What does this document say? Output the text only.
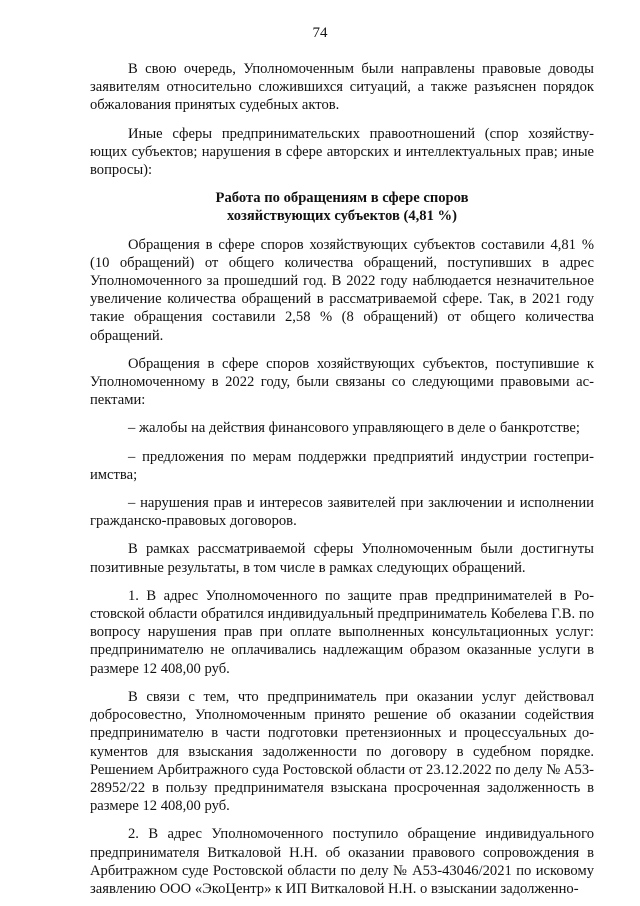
74

В свою очередь, Уполномоченным были направлены правовые доводы заявителям относительно сложившихся ситуаций, а также разъяснен порядок обжалования принятых судебных актов.

Иные сферы предпринимательских правоотношений (спор хозяйствующих субъектов; нарушения в сфере авторских и интеллектуальных прав; иные вопросы):

Работа по обращениям в сфере споров
хозяйствующих субъектов (4,81 %)

Обращения в сфере споров хозяйствующих субъектов составили 4,81 % (10 обращений) от общего количества обращений, поступивших в адрес Уполномоченного за прошедший год. В 2022 году наблюдается незначительное увеличение количества обращений в рассматриваемой сфере. Так, в 2021 году такие обращения составили 2,58 % (8 обращений) от общего количества обращений.

Обращения в сфере споров хозяйствующих субъектов, поступившие к Уполномоченному в 2022 году, были связаны со следующими правовыми аспектами:

– жалобы на действия финансового управляющего в деле о банкротстве;

– предложения по мерам поддержки предприятий индустрии гостеприимства;

– нарушения прав и интересов заявителей при заключении и исполнении гражданско-правовых договоров.

В рамках рассматриваемой сферы Уполномоченным были достигнуты позитивные результаты, в том числе в рамках следующих обращений.

1. В адрес Уполномоченного по защите прав предпринимателей в Ростовской области обратился индивидуальный предприниматель Кобелева Г.В. по вопросу нарушения прав при оплате выполненных консультационных услуг: предпринимателю не оплачивались надлежащим образом оказанные услуги в размере 12 408,00 руб.

В связи с тем, что предприниматель при оказании услуг действовал добросовестно, Уполномоченным принято решение об оказании содействия предпринимателю в части подготовки претензионных и процессуальных документов для взыскания задолженности по договору в судебном порядке. Решением Арбитражного суда Ростовской области от 23.12.2022 по делу № А53-28952/22 в пользу предпринимателя взыскана просроченная задолженность в размере 12 408,00 руб.

2. В адрес Уполномоченного поступило обращение индивидуального предпринимателя Виткаловой Н.Н. об оказании правового сопровождения в Арбитражном суде Ростовской области по делу № А53-43046/2021 по исковому заявлению ООО «ЭкоЦентр» к ИП Виткаловой Н.Н. о взыскании задолженно-
